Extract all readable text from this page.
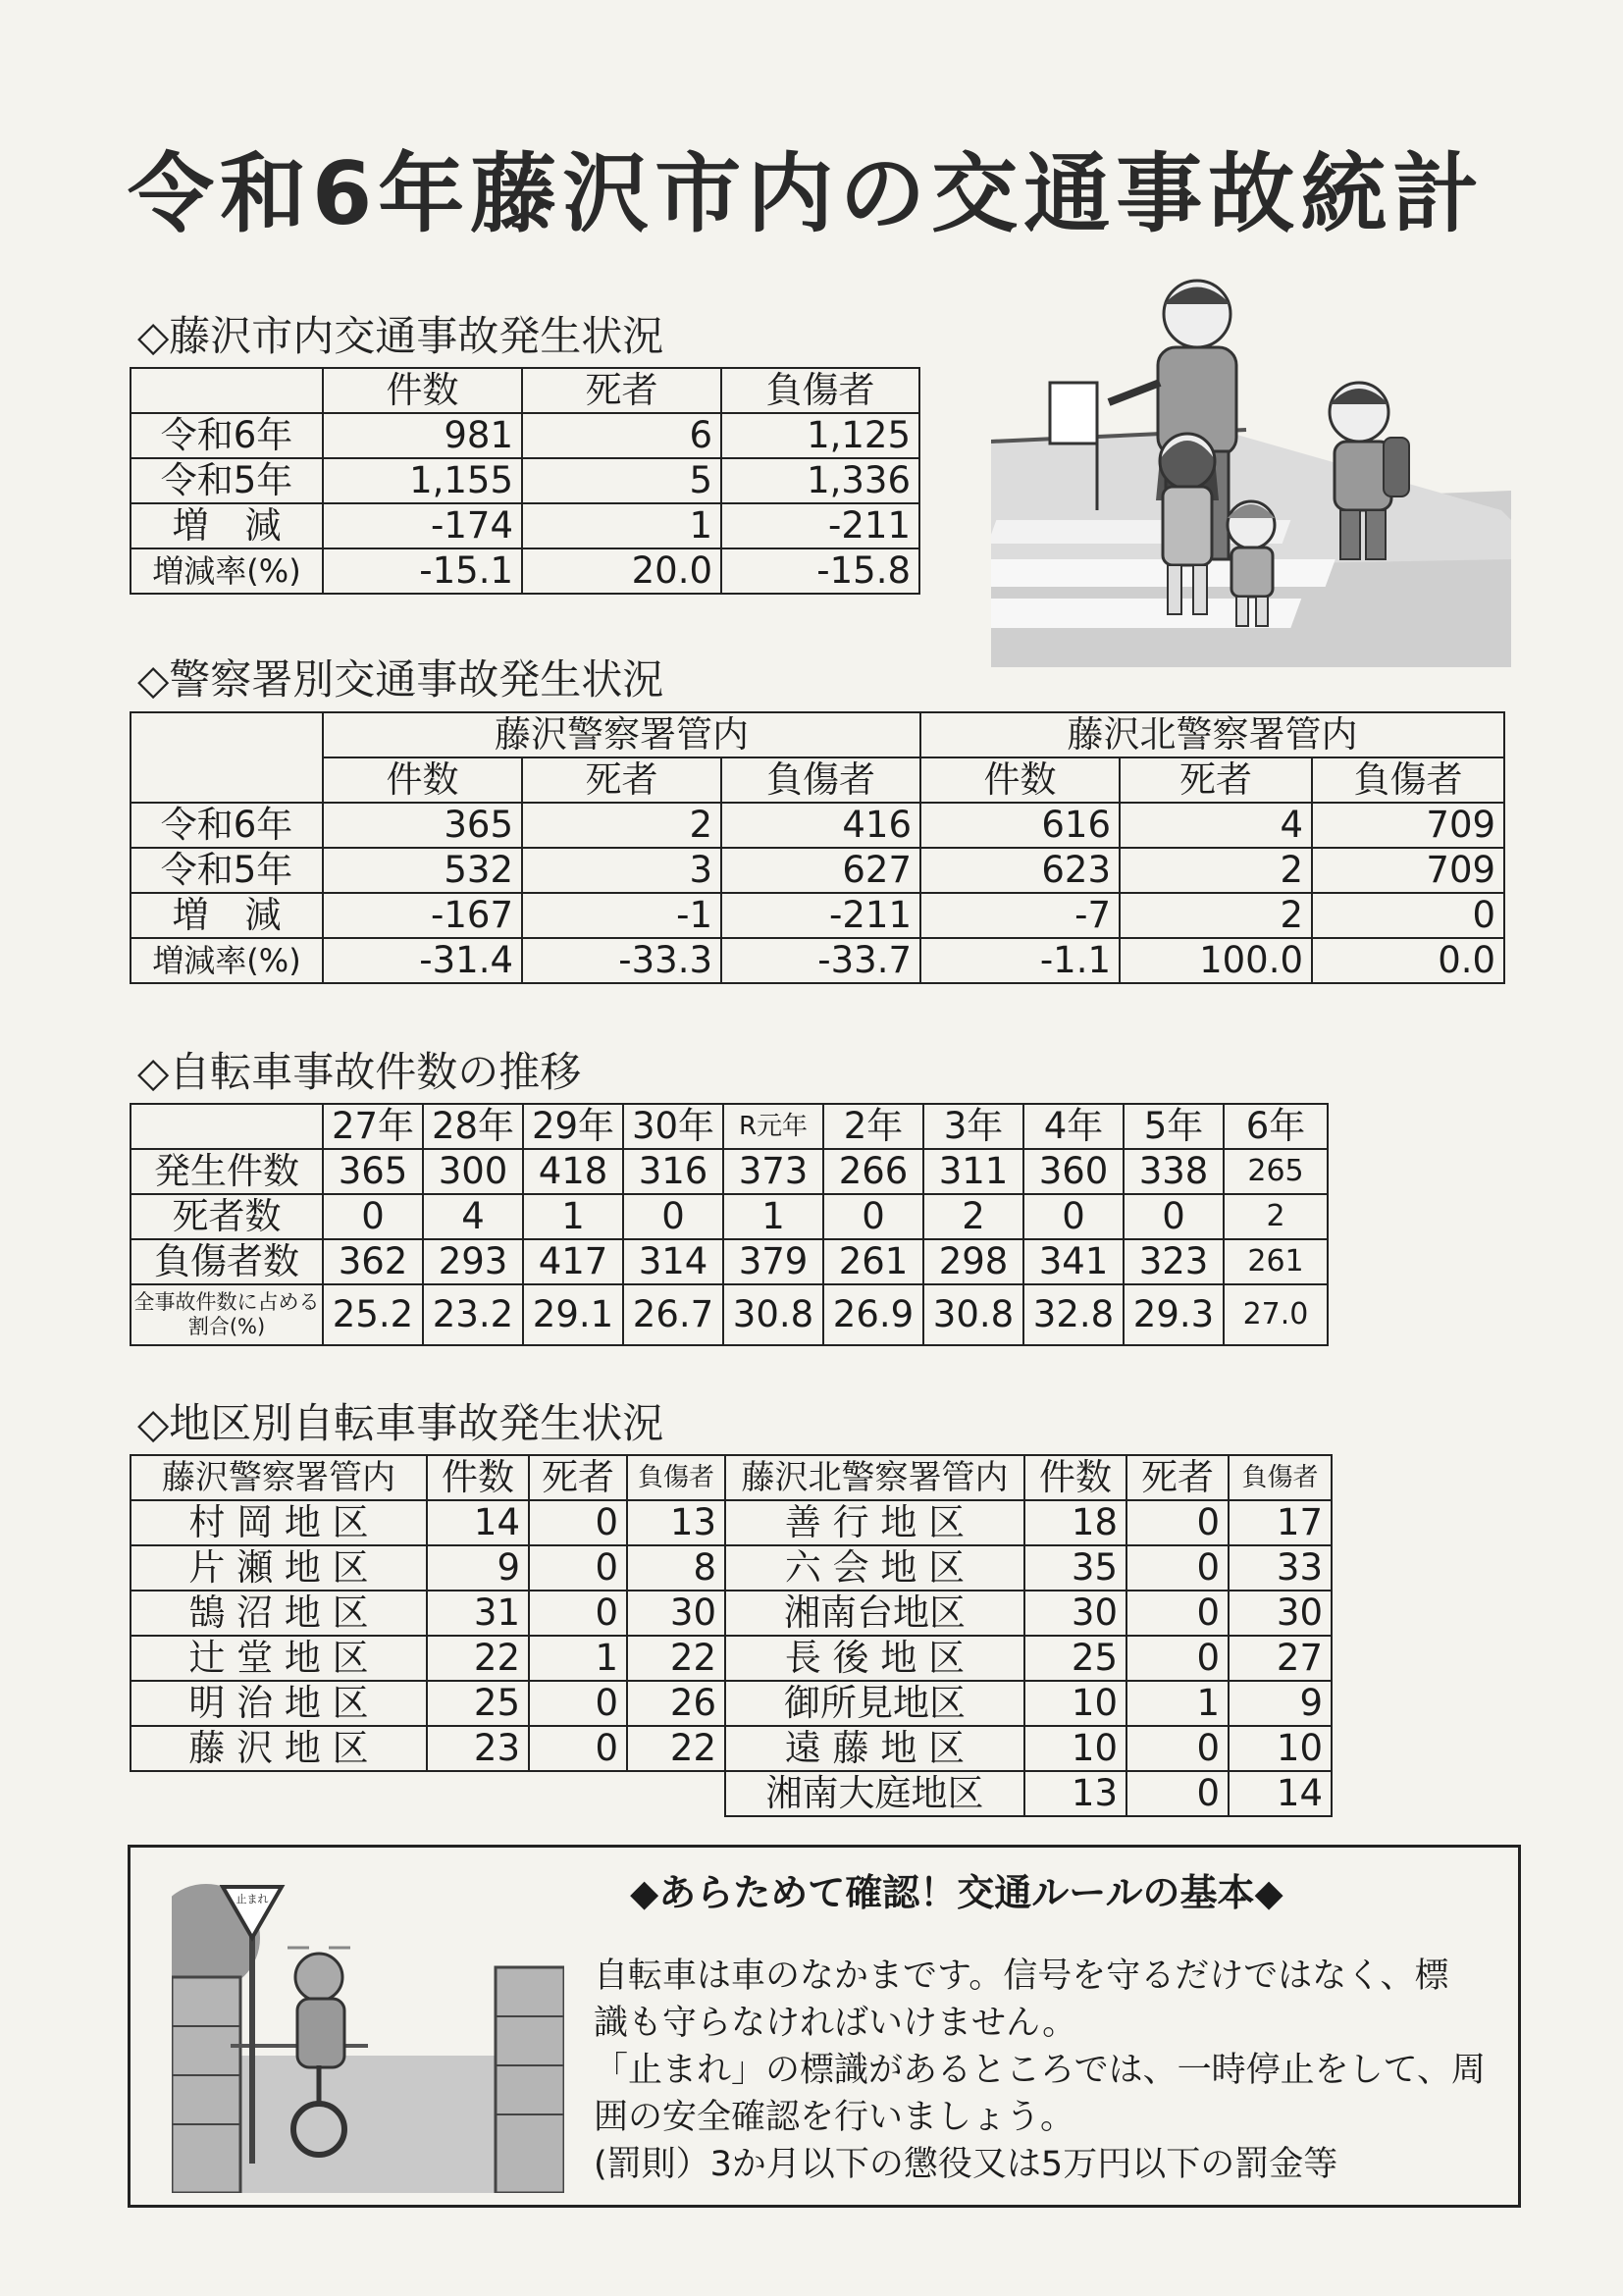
令和6年藤沢市内の交通事故統計
◇藤沢市内交通事故発生状況
	件数	死者	負傷者
令和6年	981	6	1,125
令和5年	1,155	5	1,336
増　減	-174	1	-211
増減率(%)	-15.1	20.0	-15.8
◇警察署別交通事故発生状況
	藤沢警察署管内			藤沢北警察署管内		
	件数	死者	負傷者	件数	死者	負傷者
令和6年	365	2	416	616	4	709
令和5年	532	3	627	623	2	709
増　減	-167	-1	-211	-7	2	0
増減率(%)	-31.4	-33.3	-33.7	-1.1	100.0	0.0
◇自転車事故件数の推移
	27年	28年	29年	30年	R元年	2年	3年	4年	5年	6年
発生件数	365	300	418	316	373	266	311	360	338	265
死者数	0	4	1	0	1	0	2	0	0	2
負傷者数	362	293	417	314	379	261	298	341	323	261
全事故件数に占める割合(%)	25.2	23.2	29.1	26.7	30.8	26.9	30.8	32.8	29.3	27.0
◇地区別自転車事故発生状況
藤沢警察署管内	件数	死者	負傷者	藤沢北警察署管内	件数	死者	負傷者
村 岡 地 区	14	0	13	善 行 地 区	18	0	17
片 瀬 地 区	9	0	8	六 会 地 区	35	0	33
鵠 沼 地 区	31	0	30	湘南台地区	30	0	30
辻 堂 地 区	22	1	22	長 後 地 区	25	0	27
明 治 地 区	25	0	26	御所見地区	10	1	9
藤 沢 地 区	23	0	22	遠 藤 地 区	10	0	10
				湘南大庭地区	13	0	14
止まれ	◆あらためて確認！交通ルールの基本◆
自転車は車のなかまです。信号を守るだけではなく、標
識も守らなければいけません。
「止まれ」の標識があるところでは、一時停止をして、周
囲の安全確認を行いましょう。
(罰則）3か月以下の懲役又は5万円以下の罰金等
